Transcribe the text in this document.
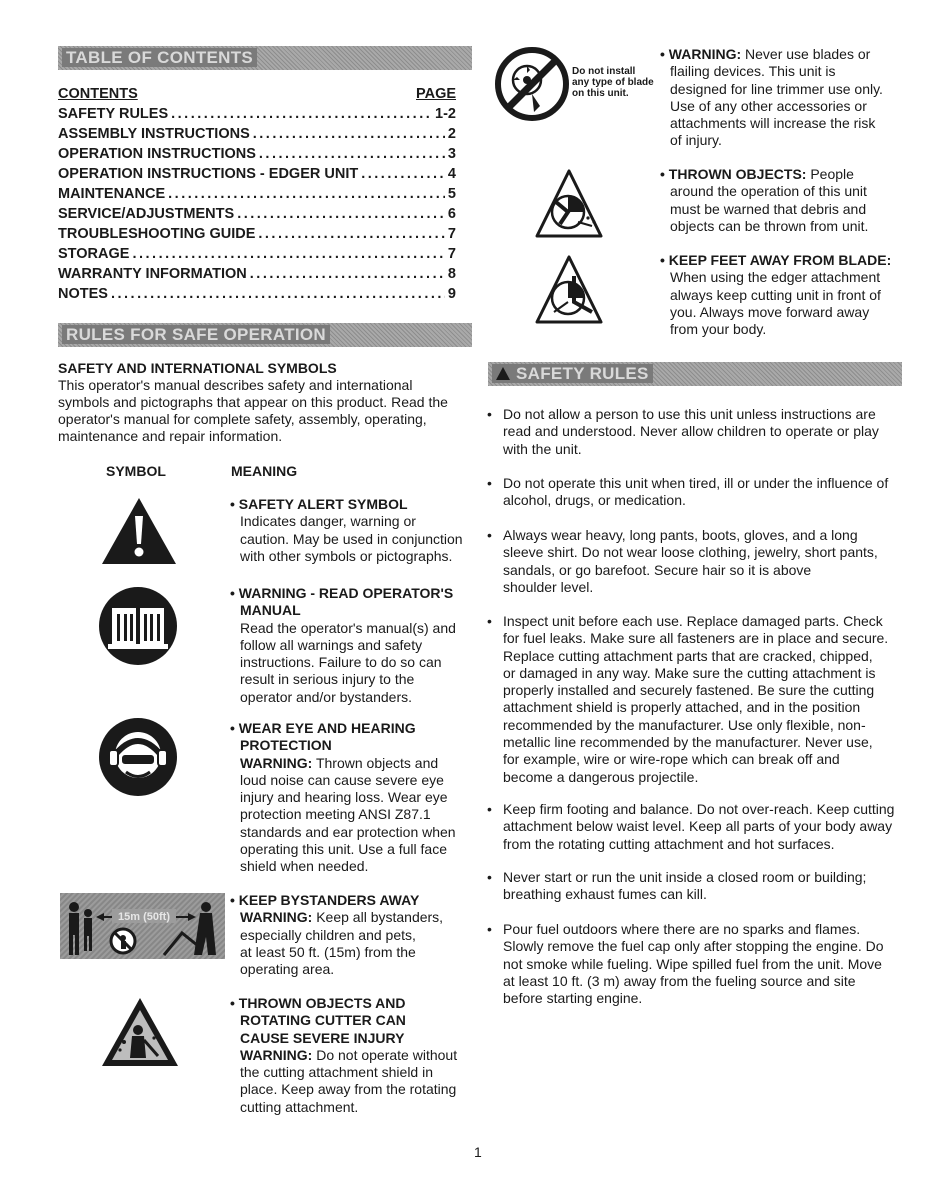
TABLE OF CONTENTS
CONTENTS	PAGE
SAFETY RULES .....	1-2
ASSEMBLY INSTRUCTIONS .....	2
OPERATION INSTRUCTIONS .....	3
OPERATION INSTRUCTIONS - EDGER UNIT .....	4
MAINTENANCE .....	5
SERVICE/ADJUSTMENTS .....	6
TROUBLESHOOTING GUIDE .....	7
STORAGE .....	7
WARRANTY INFORMATION .....	8
NOTES .....	9
RULES FOR SAFE OPERATION
SAFETY AND INTERNATIONAL SYMBOLS
This operator's manual describes safety and international
symbols and pictographs that appear on this product. Read the
operator's manual for complete safety, assembly, operating,
maintenance and repair information.
SYMBOL	MEANING
15m (50ft)
• SAFETY ALERT SYMBOL
Indicates danger, warning or
caution. May be used in conjunction
with other symbols or pictographs.
• WARNING - READ OPERATOR'S
MANUAL
Read the operator's manual(s) and
follow all warnings and safety
instructions. Failure to do so can
result in serious injury to the
operator and/or bystanders.
• WEAR EYE AND HEARING
PROTECTION
WARNING: Thrown objects and
loud noise can cause severe eye
injury and hearing loss. Wear eye
protection meeting ANSI Z87.1
standards and ear protection when
operating this unit. Use a full face
shield when needed.
• KEEP BYSTANDERS AWAY
WARNING: Keep all bystanders,
especially children and pets,
at least 50 ft. (15m) from the
operating area.
• THROWN OBJECTS AND
ROTATING CUTTER CAN
CAUSE SEVERE INJURY
WARNING: Do not operate without
the cutting attachment shield in
place. Keep away from the rotating
cutting attachment.
Do not install
any type of blade
on this unit.
• WARNING: Never use blades or
flailing devices. This unit is
designed for line trimmer use only.
Use of any other accessories or
attachments will increase the risk
of injury.
• THROWN OBJECTS: People
around the operation of this unit
must be warned that debris and
objects can be thrown from unit.
• KEEP FEET AWAY FROM BLADE:
When using the edger attachment
always keep cutting unit in front of
you. Always move forward away
from your body.
SAFETY RULES
• Do not allow a person to use this unit unless instructions are
read and understood. Never allow children to operate or play
with the unit.
• Do not operate this unit when tired, ill or under the influence of
alcohol, drugs, or medication.
• Always wear heavy, long pants, boots, gloves, and a long
sleeve shirt. Do not wear loose clothing, jewelry, short pants,
sandals, or go barefoot. Secure hair so it is above
shoulder level.
• Inspect unit before each use. Replace damaged parts. Check
for fuel leaks. Make sure all fasteners are in place and secure.
Replace cutting attachment parts that are cracked, chipped,
or damaged in any way. Make sure the cutting attachment is
properly installed and securely fastened. Be sure the cutting
attachment shield is properly attached, and in the position
recommended by the manufacturer. Use only flexible, non-
metallic line recommended by the manufacturer. Never use,
for example, wire or wire-rope which can break off and
become a dangerous projectile.
• Keep firm footing and balance. Do not over-reach. Keep cutting
attachment below waist level. Keep all parts of your body away
from the rotating cutting attachment and hot surfaces.
• Never start or run the unit inside a closed room or building;
breathing exhaust fumes can kill.
• Pour fuel outdoors where there are no sparks and flames.
Slowly remove the fuel cap only after stopping the engine. Do
not smoke while fueling. Wipe spilled fuel from the unit. Move
at least 10 ft. (3 m) away from the fueling source and site
before starting engine.
1
